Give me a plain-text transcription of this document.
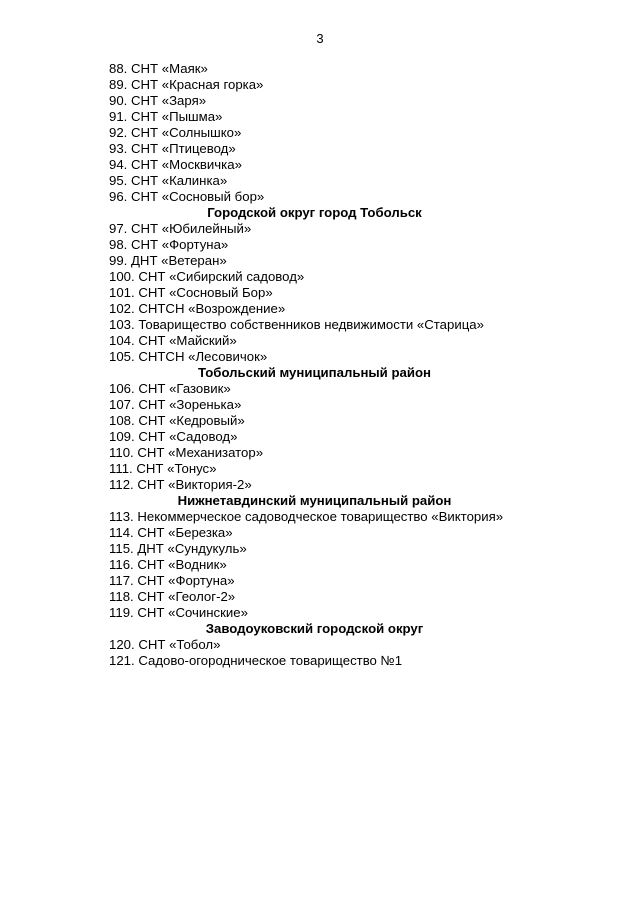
3
88. СНТ «Маяк»
89. СНТ «Красная горка»
90. СНТ «Заря»
91. СНТ «Пышма»
92. СНТ «Солнышко»
93. СНТ «Птицевод»
94. СНТ «Москвичка»
95. СНТ «Калинка»
96. СНТ «Сосновый бор»
Городской округ город Тобольск
97. СНТ «Юбилейный»
98. СНТ «Фортуна»
99. ДНТ «Ветеран»
100. СНТ «Сибирский садовод»
101. СНТ «Сосновый Бор»
102. СНТСН «Возрождение»
103. Товарищество собственников недвижимости «Старица»
104. СНТ «Майский»
105. СНТСН «Лесовичок»
Тобольский муниципальный район
106. СНТ «Газовик»
107. СНТ «Зоренька»
108. СНТ «Кедровый»
109. СНТ «Садовод»
110. СНТ «Механизатор»
111. СНТ «Тонус»
112. СНТ «Виктория-2»
Нижнетавдинский муниципальный район
113. Некоммерческое садоводческое товарищество «Виктория»
114. СНТ «Березка»
115. ДНТ «Сундукуль»
116. СНТ «Водник»
117. СНТ «Фортуна»
118. СНТ «Геолог-2»
119. СНТ «Сочинские»
Заводоуковский городской округ
120. СНТ «Тобол»
121. Садово-огородническое товарищество №1
